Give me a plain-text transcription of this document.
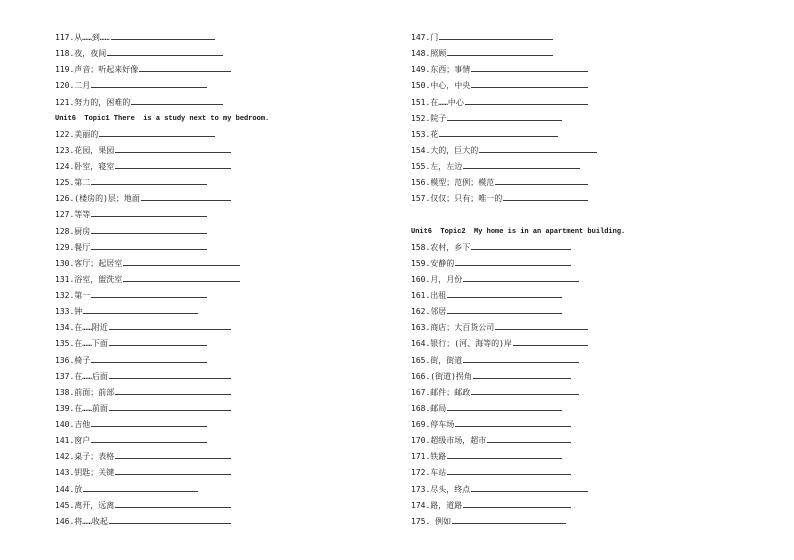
117.从……到……
118.夜，夜间
119.声音；听起来好像
120.二月
121.努力的，困难的
Unit6  Topic1 There  is a study next to my bedroom.
122.美丽的
123.花园，果园
124.卧室，寝室
125.第二
126.(楼房的)层；地面
127.等等
128.厨房
129.餐厅
130.客厅；起居室
131.浴室，盥洗室
132.第一
133.钟
134.在……附近
135.在……下面
136.椅子
137.在……后面
138.前面；前部
139.在……前面
140.吉他
141.窗户
142.桌子；表格
143.钥匙；关键
144.放
145.离开，远离
146.将……收起
147.门
148.照顾
149.东西；事情
150.中心，中央
151.在……中心
152.院子
153.花
154.大的，巨大的
155.左，左边
156.模型；范例；模范
157.仅仅；只有；唯一的
Unit6  Topic2  My home is in an apartment building.
158.农村，乡下
159.安静的
160.月，月份
161.出租
162.邻居
163.商店；大百货公司
164.银行；(河、海等的)岸
165.街，街道
166.(街道)拐角
167.邮件；邮政
168.邮局
169.停车场
170.超级市场，超市
171.铁路
172.车站
173.尽头，终点
174.路，道路
175. 例如
